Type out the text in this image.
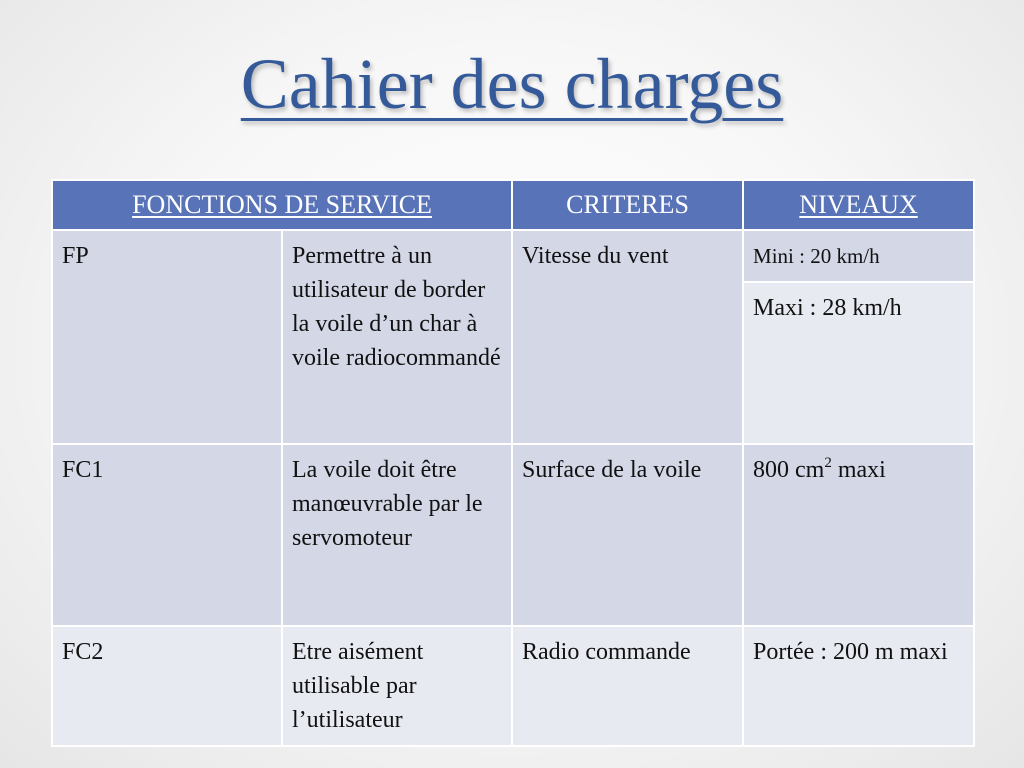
Cahier des charges
FONCTIONS DE SERVICE		CRITERES	NIVEAUX
FP	Permettre à un utilisateur de border la voile d’un char à voile radiocommandé	Vitesse du vent	Mini : 20 km/h
			Maxi : 28 km/h
FC1	La voile doit être manœuvrable par le servomoteur	Surface de la voile	800 $cm^2$ maxi
FC2	Etre aisément utilisable par l’utilisateur	Radio commande	Portée : 200 m maxi
